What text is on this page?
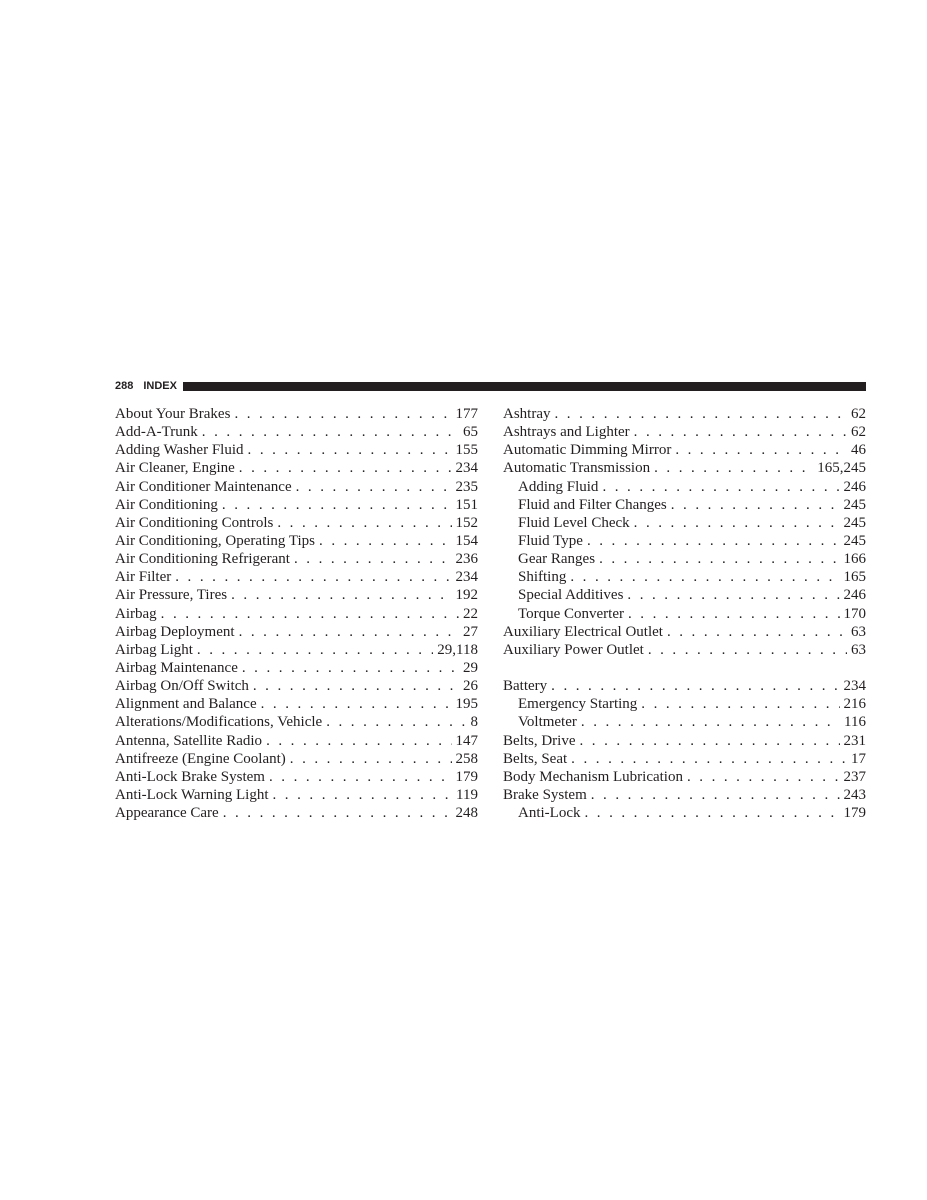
288 INDEX
About Your Brakes . . .	177
Add-A-Trunk . . .	65
Adding Washer Fluid . . .	155
Air Cleaner, Engine . . .	234
Air Conditioner Maintenance . . .	235
Air Conditioning . . .	151
Air Conditioning Controls . . .	152
Air Conditioning, Operating Tips . . .	154
Air Conditioning Refrigerant . . .	236
Air Filter . . .	234
Air Pressure, Tires . . .	192
Airbag . . .	22
Airbag Deployment . . .	27
Airbag Light . . .	29,118
Airbag Maintenance . . .	29
Airbag On/Off Switch . . .	26
Alignment and Balance . . .	195
Alterations/Modifications, Vehicle . . .	8
Antenna, Satellite Radio . . .	147
Antifreeze (Engine Coolant) . . .	258
Anti-Lock Brake System . . .	179
Anti-Lock Warning Light . . .	119
Appearance Care . . .	248
Ashtray . . .	62
Ashtrays and Lighter . . .	62
Automatic Dimming Mirror . . .	46
Automatic Transmission . . .	165,245
Adding Fluid . . .	246
Fluid and Filter Changes . . .	245
Fluid Level Check . . .	245
Fluid Type . . .	245
Gear Ranges . . .	166
Shifting . . .	165
Special Additives . . .	246
Torque Converter . . .	170
Auxiliary Electrical Outlet . . .	63
Auxiliary Power Outlet . . .	63
Battery . . .	234
Emergency Starting . . .	216
Voltmeter . . .	116
Belts, Drive . . .	231
Belts, Seat . . .	17
Body Mechanism Lubrication . . .	237
Brake System . . .	243
Anti-Lock . . .	179
